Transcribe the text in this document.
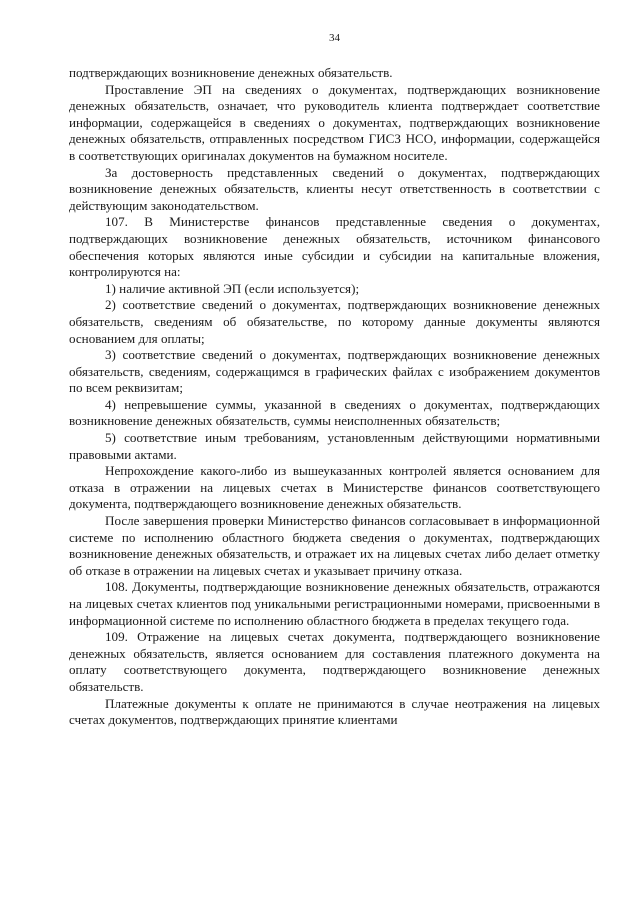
34

подтверждающих возникновение денежных обязательств.

Проставление ЭП на сведениях о документах, подтверждающих возникновение денежных обязательств, означает, что руководитель клиента подтверждает соответствие информации, содержащейся в сведениях о документах, подтверждающих возникновение денежных обязательств, отправленных посредством ГИСЗ НСО, информации, содержащейся в соответствующих оригиналах документов на бумажном носителе.

За достоверность представленных сведений о документах, подтверждающих возникновение денежных обязательств, клиенты несут ответственность в соответствии с действующим законодательством.

107. В Министерстве финансов представленные сведения о документах, подтверждающих возникновение денежных обязательств, источником финансового обеспечения которых являются иные субсидии и субсидии на капитальные вложения, контролируются на:

1) наличие активной ЭП (если используется);

2) соответствие сведений о документах, подтверждающих возникновение денежных обязательств, сведениям об обязательстве, по которому данные документы являются основанием для оплаты;

3) соответствие сведений о документах, подтверждающих возникновение денежных обязательств, сведениям, содержащимся в графических файлах с изображением документов по всем реквизитам;

4) непревышение суммы, указанной в сведениях о документах, подтверждающих возникновение денежных обязательств, суммы неисполненных обязательств;

5) соответствие иным требованиям, установленным действующими нормативными правовыми актами.

Непрохождение какого-либо из вышеуказанных контролей является основанием для отказа в отражении на лицевых счетах в Министерстве финансов соответствующего документа, подтверждающего возникновение денежных обязательств.

После завершения проверки Министерство финансов согласовывает в информационной системе по исполнению областного бюджета сведения о документах, подтверждающих возникновение денежных обязательств, и отражает их на лицевых счетах либо делает отметку об отказе в отражении на лицевых счетах и указывает причину отказа.

108. Документы, подтверждающие возникновение денежных обязательств, отражаются на лицевых счетах клиентов под уникальными регистрационными номерами, присвоенными в информационной системе по исполнению областного бюджета в пределах текущего года.

109. Отражение на лицевых счетах документа, подтверждающего возникновение денежных обязательств, является основанием для составления платежного документа на оплату соответствующего документа, подтверждающего возникновение денежных обязательств.

Платежные документы к оплате не принимаются в случае неотражения на лицевых счетах документов, подтверждающих принятие клиентами
